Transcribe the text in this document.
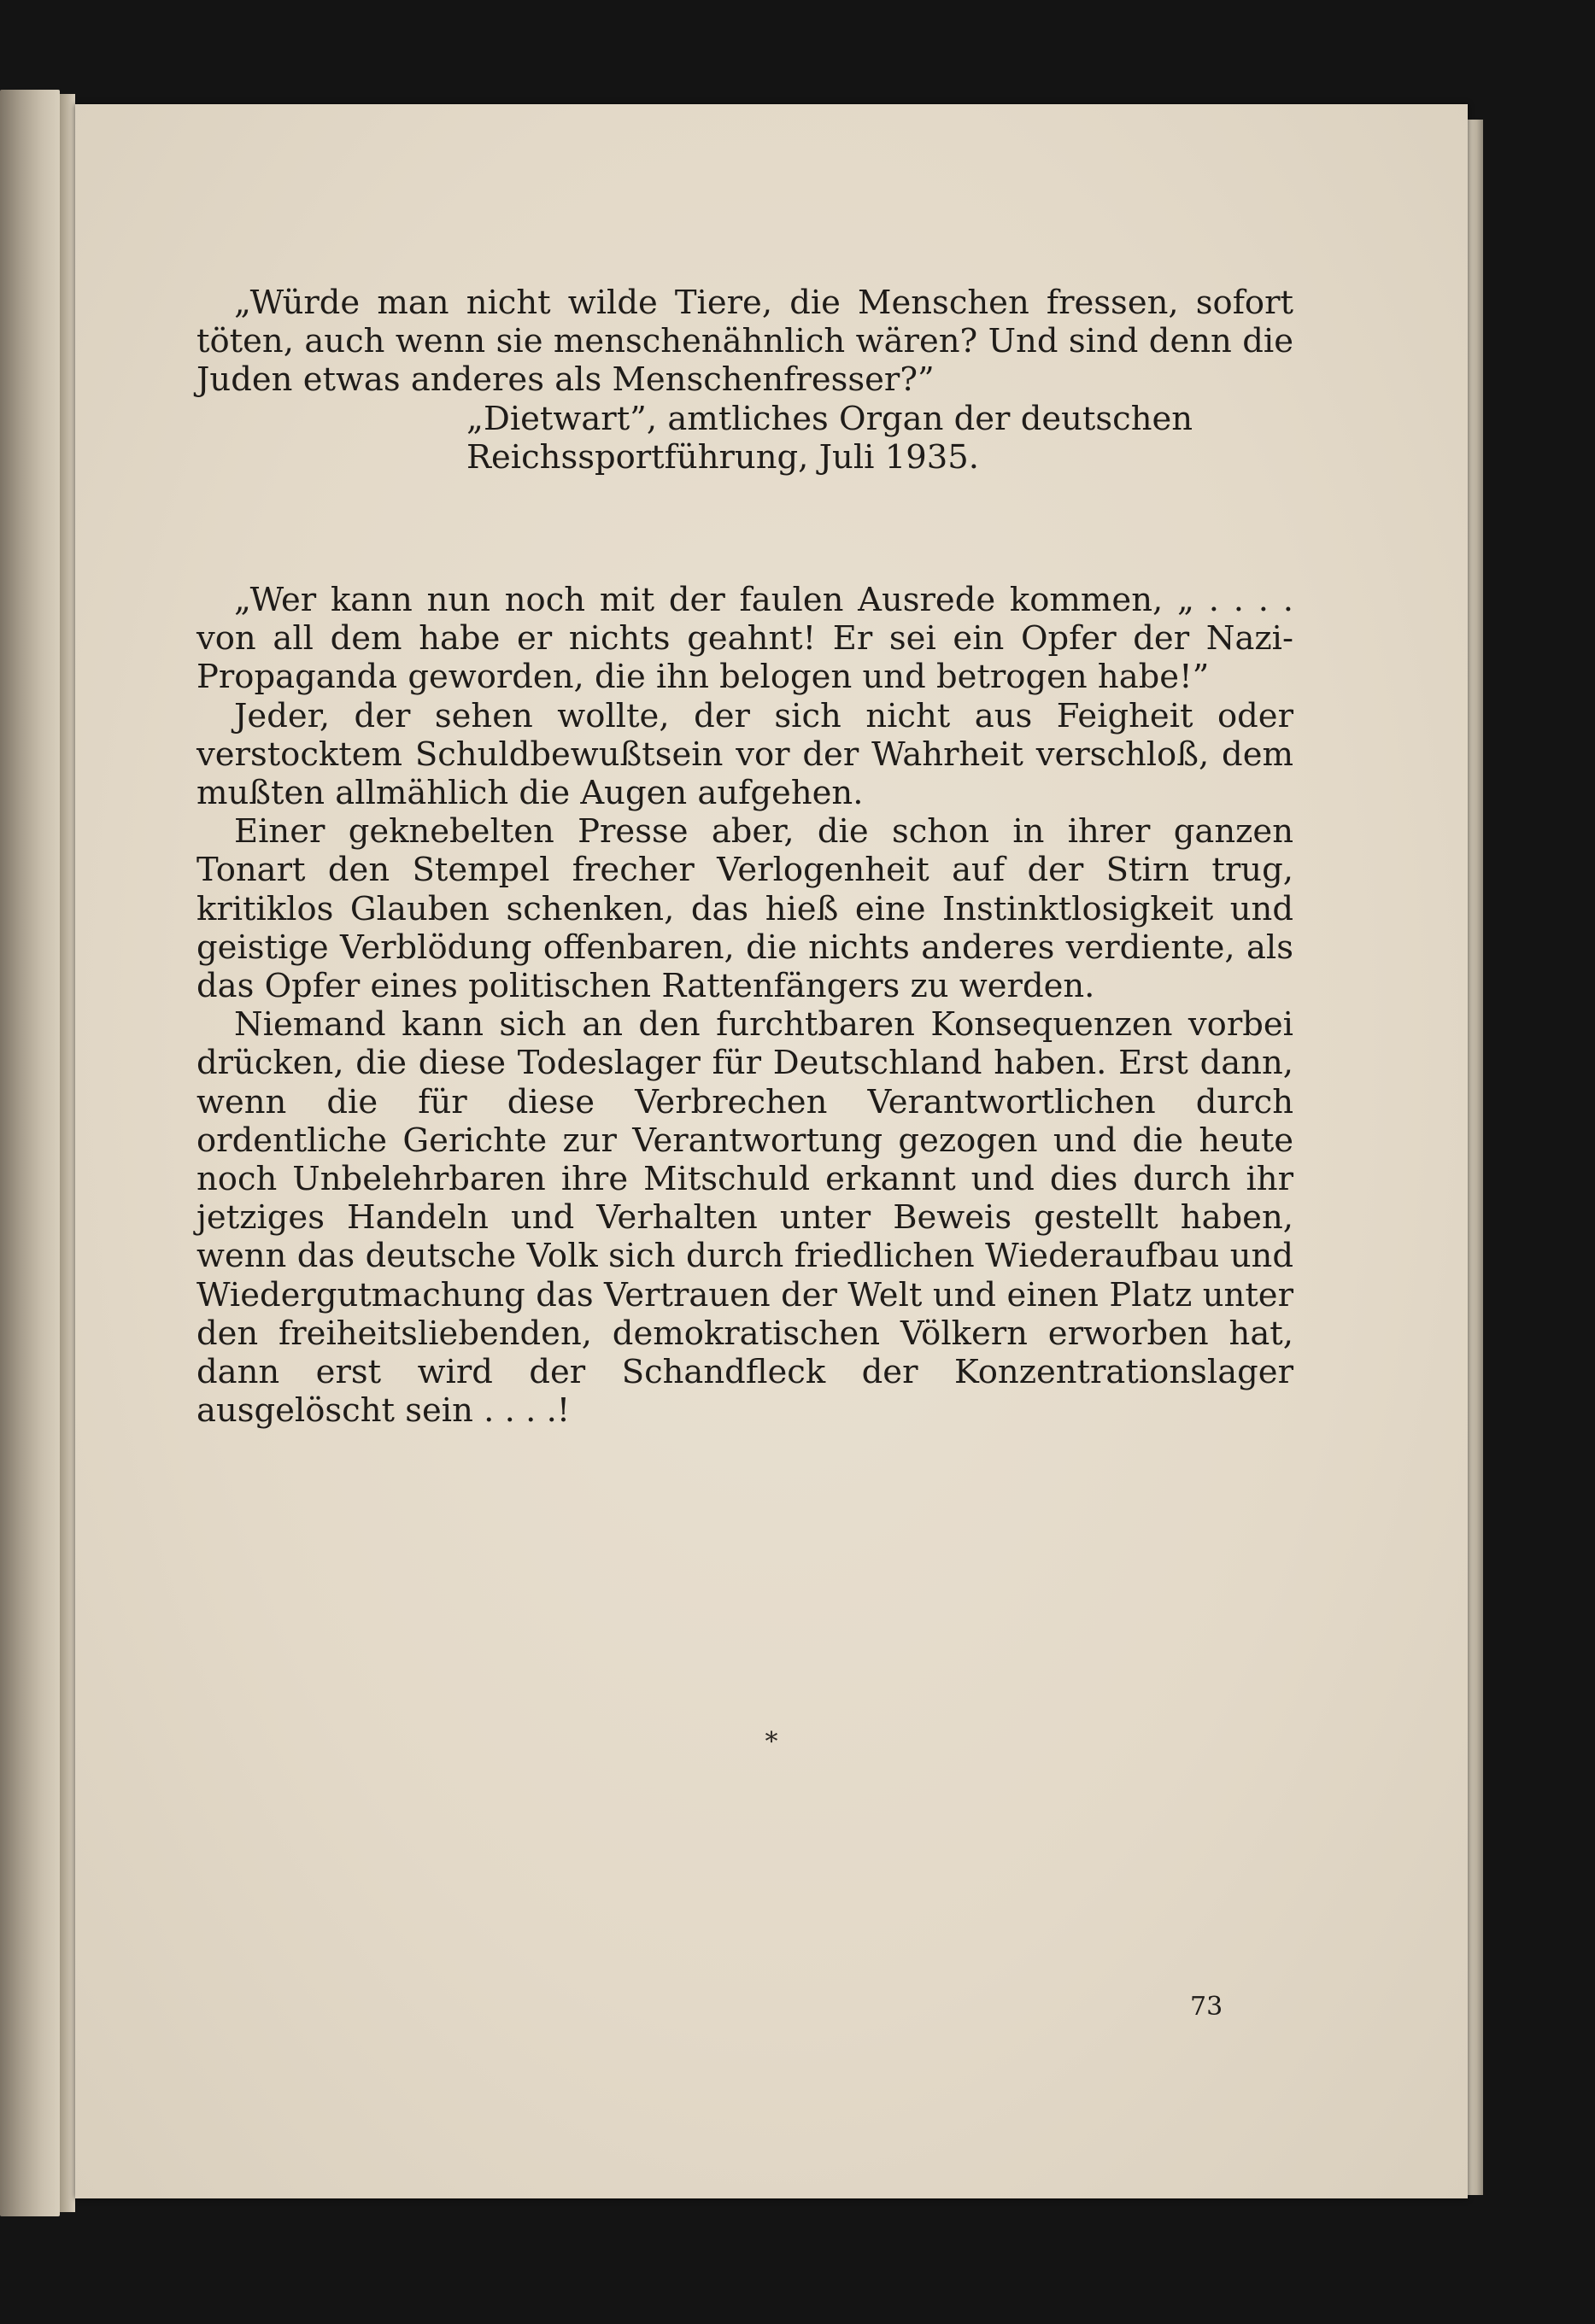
„Würde man nicht wilde Tiere, die Menschen fressen, sofort töten, auch wenn sie menschenähnlich wären? Und sind denn die Juden etwas anderes als Menschenfresser?”

„Dietwart”, amtliches Organ der deutschen

Reichssportführung, Juli 1935.

„Wer kann nun noch mit der faulen Ausrede kommen, „ . . . . von all dem habe er nichts geahnt! Er sei ein Opfer der Nazi-Propaganda geworden, die ihn belogen und betrogen habe!”

Jeder, der sehen wollte, der sich nicht aus Feigheit oder verstocktem Schuldbewußtsein vor der Wahrheit verschloß, dem mußten allmählich die Augen aufgehen.

Einer geknebelten Presse aber, die schon in ihrer ganzen Tonart den Stempel frecher Verlogenheit auf der Stirn trug, kritiklos Glauben schenken, das hieß eine Instinktlosigkeit und geistige Verblödung offenbaren, die nichts anderes verdiente, als das Opfer eines politischen Rattenfängers zu werden.

Niemand kann sich an den furchtbaren Konsequenzen vorbei drücken, die diese Todeslager für Deutschland haben. Erst dann, wenn die für diese Verbrechen Verantwortlichen durch ordentliche Gerichte zur Verantwortung gezogen und die heute noch Unbelehrbaren ihre Mitschuld erkannt und dies durch ihr jetziges Handeln und Verhalten unter Beweis gestellt haben, wenn das deutsche Volk sich durch friedlichen Wiederaufbau und Wiedergutmachung das Vertrauen der Welt und einen Platz unter den freiheitsliebenden, demokratischen Völkern erworben hat, dann erst wird der Schandfleck der Konzentrationslager ausgelöscht sein . . . .!

*
73
